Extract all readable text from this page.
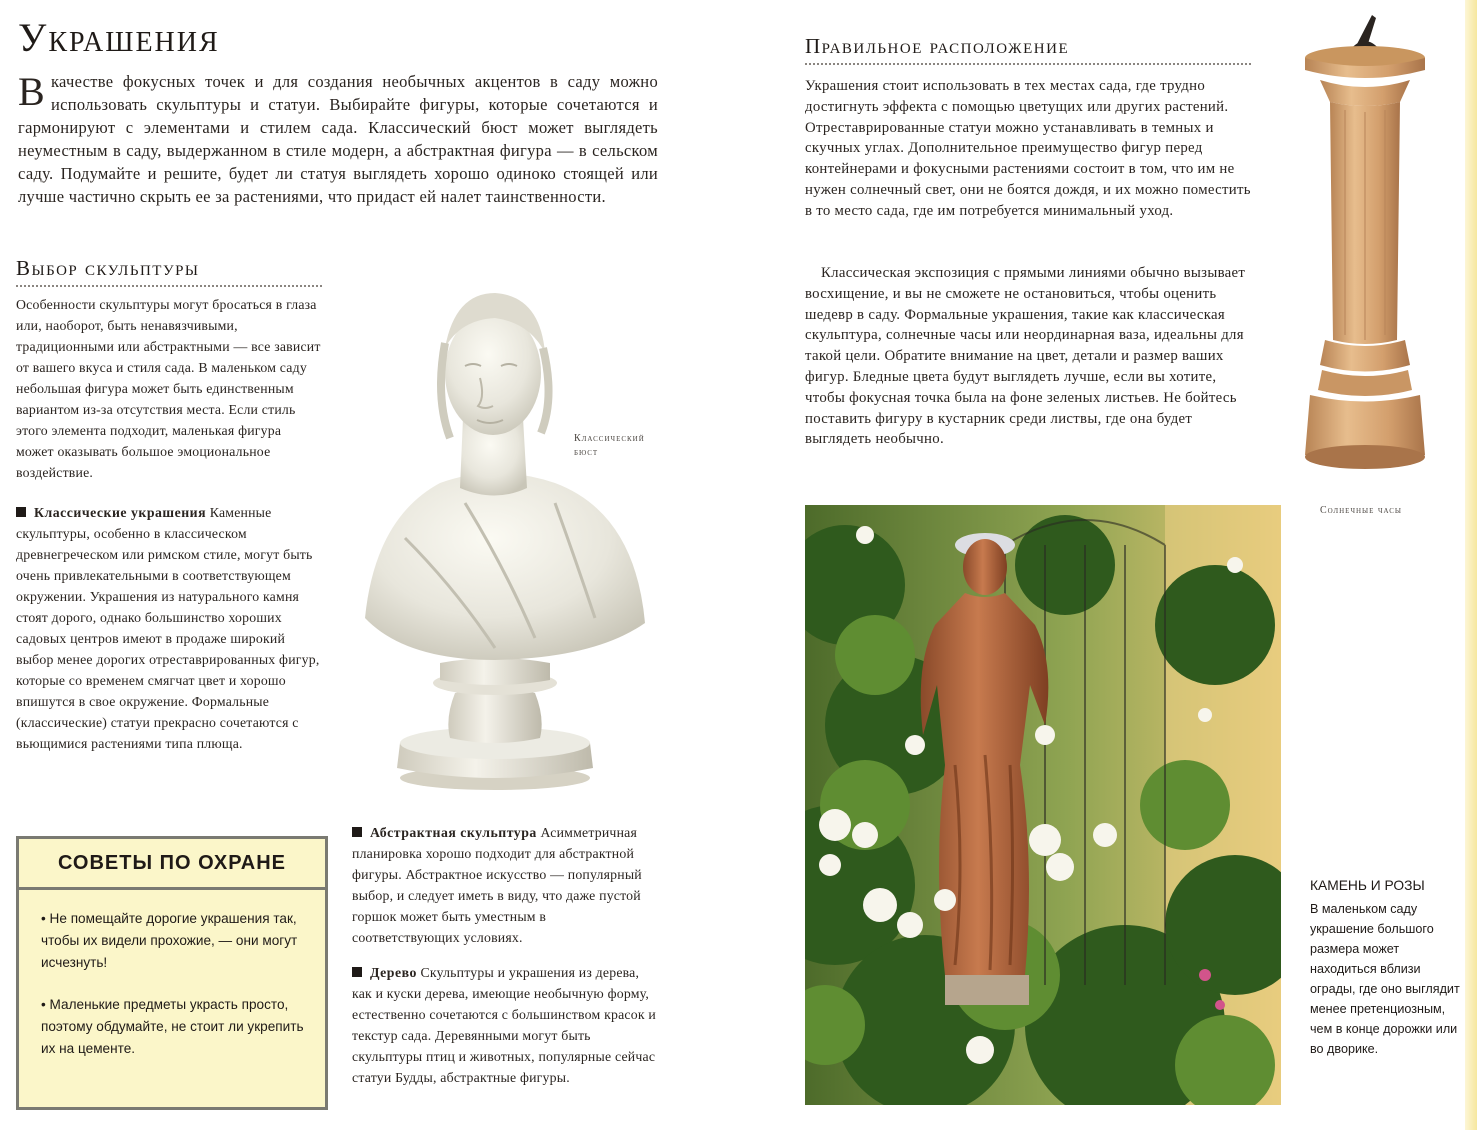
Украшения
В качестве фокусных точек и для создания необычных акцентов в саду можно использовать скульптуры и статуи. Выбирайте фигуры, которые сочетаются и гармонируют с элементами и стилем сада. Классический бюст может выглядеть неуместным в саду, выдержанном в стиле модерн, а абстрактная фигура — в сельском саду. Подумайте и решите, будет ли статуя выглядеть хорошо одиноко стоящей или лучше частично скрыть ее за растениями, что придаст ей налет таинственности.
Выбор скульптуры
Особенности скульптуры могут бросаться в глаза или, наоборот, быть ненавязчивыми, традиционными или абстрактными — все зависит от вашего вкуса и стиля сада. В маленьком саду небольшая фигура может быть единственным вариантом из-за отсутствия места. Если стиль этого элемента подходит, маленькая фигура может оказывать большое эмоциональное воздействие.
Классические украшения Каменные скульптуры, особенно в классическом древнегреческом или римском стиле, могут быть очень привлекательными в соответствующем окружении. Украшения из натурального камня стоят дорого, однако большинство хороших садовых центров имеют в продаже широкий выбор менее дорогих отреставрированных фигур, которые со временем смягчат цвет и хорошо впишутся в свое окружение. Формальные (классические) статуи прекрасно сочетаются с вьющимися растениями типа плюща.
Классический бюст
СОВЕТЫ ПО ОХРАНЕ

• Не помещайте дорогие украшения так, чтобы их видели прохожие, — они могут исчезнуть!

• Маленькие предметы украсть просто, поэтому обдумайте, не стоит ли укрепить их на цементе.

Абстрактная скульптура Асимметричная планировка хорошо подходит для абстрактной фигуры. Абстрактное искусство — популярный выбор, и следует иметь в виду, что даже пустой горшок может быть уместным в соответствующих условиях.
Дерево Скульптуры и украшения из дерева, как и куски дерева, имеющие необычную форму, естественно сочетаются с большинством красок и текстур сада. Деревянными могут быть скульптуры птиц и животных, популярные сейчас статуи Будды, абстрактные фигуры.
Правильное расположение
Украшения стоит использовать в тех местах сада, где трудно достигнуть эффекта с помощью цветущих или других растений. Отреставрированные статуи можно устанавливать в темных и скучных углах. Дополнительное преимущество фигур перед контейнерами и фокусными растениями состоит в том, что им не нужен солнечный свет, они не боятся дождя, и их можно поместить в то место сада, где им потребуется минимальный уход.
Классическая экспозиция с прямыми линиями обычно вызывает восхищение, и вы не сможете не остановиться, чтобы оценить шедевр в саду. Формальные украшения, такие как классическая скульптура, солнечные часы или неординарная ваза, идеальны для такой цели. Обратите внимание на цвет, детали и размер ваших фигур. Бледные цвета будут выглядеть лучше, если вы хотите, чтобы фокусная точка была на фоне зеленых листьев. Не бойтесь поставить фигуру в кустарник среди листвы, где она будет выглядеть необычно.
Солнечные часы
КАМЕНЬ И РОЗЫ
В маленьком саду украшение большого размера может находиться вблизи ограды, где оно выглядит менее претенциозным, чем в конце дорожки или во дворике.
